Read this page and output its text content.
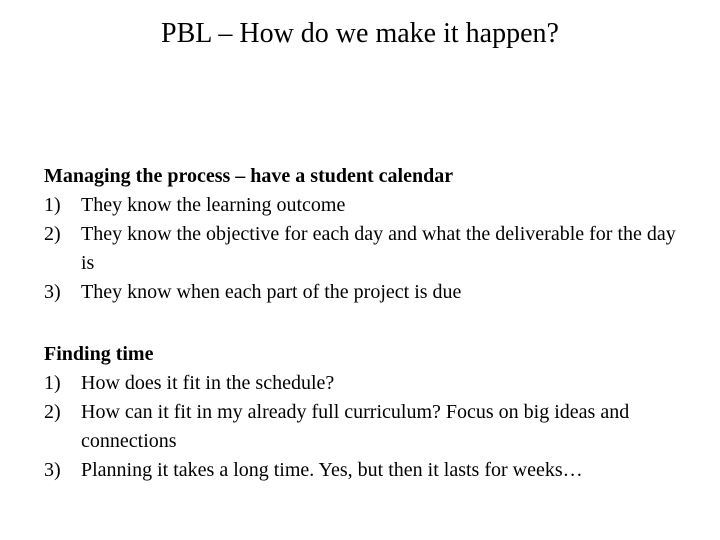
PBL – How do we make it happen?

Managing the process – have a student calendar

1)	They know the learning outcome
2)	They know the objective for each day and what the deliverable for the day is
3)	They know when each part of the project is due

Finding time

1)	How does it fit in the schedule?
2)	How can it fit in my already full curriculum? Focus on big ideas and connections
3)	Planning it takes a long time. Yes, but then it lasts for weeks…
